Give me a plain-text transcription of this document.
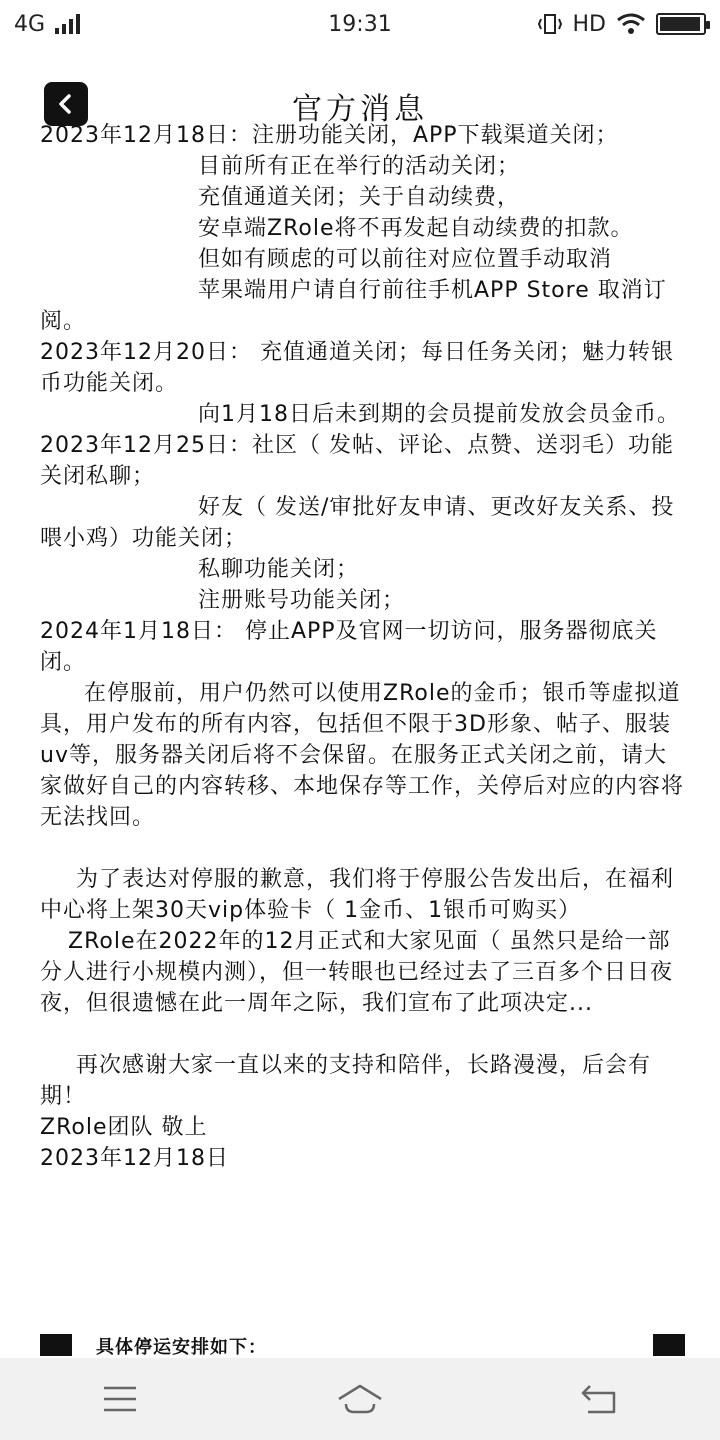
4G	19:31	HD
官方消息
2023年12月18日：注册功能关闭，APP下载渠道关闭；
目前所有正在举行的活动关闭；
充值通道关闭；关于自动续费，
安卓端ZRole将不再发起自动续费的扣款。
但如有顾虑的可以前往对应位置手动取消
苹果端用户请自行前往手机APP Store 取消订阅。
2023年12月20日： 充值通道关闭；每日任务关闭；魅力转银币功能关闭。
向1月18日后未到期的会员提前发放会员金币。
2023年12月25日：社区（ 发帖、评论、点赞、送羽毛）功能关闭私聊；
好友（ 发送/审批好友申请、更改好友关系、投喂小鸡）功能关闭；
私聊功能关闭；
注册账号功能关闭；
2024年1月18日： 停止APP及官网一切访问，服务器彻底关闭。
在停服前，用户仍然可以使用ZRole的金币；银币等虚拟道具，用户发布的所有内容，包括但不限于3D形象、帖子、服装uv等，服务器关闭后将不会保留。在服务正式关闭之前，请大家做好自己的内容转移、本地保存等工作，关停后对应的内容将无法找回。
为了表达对停服的歉意，我们将于停服公告发出后，在福利中心将上架30天vip体验卡（ 1金币、1银币可购买）
ZRole在2022年的12月正式和大家见面（ 虽然只是给一部分人进行小规模内测），但一转眼也已经过去了三百多个日日夜夜，但很遗憾在此一周年之际，我们宣布了此项决定...
再次感谢大家一直以来的支持和陪伴，长路漫漫，后会有期！
ZRole团队 敬上
2023年12月18日
具体停运安排如下：
